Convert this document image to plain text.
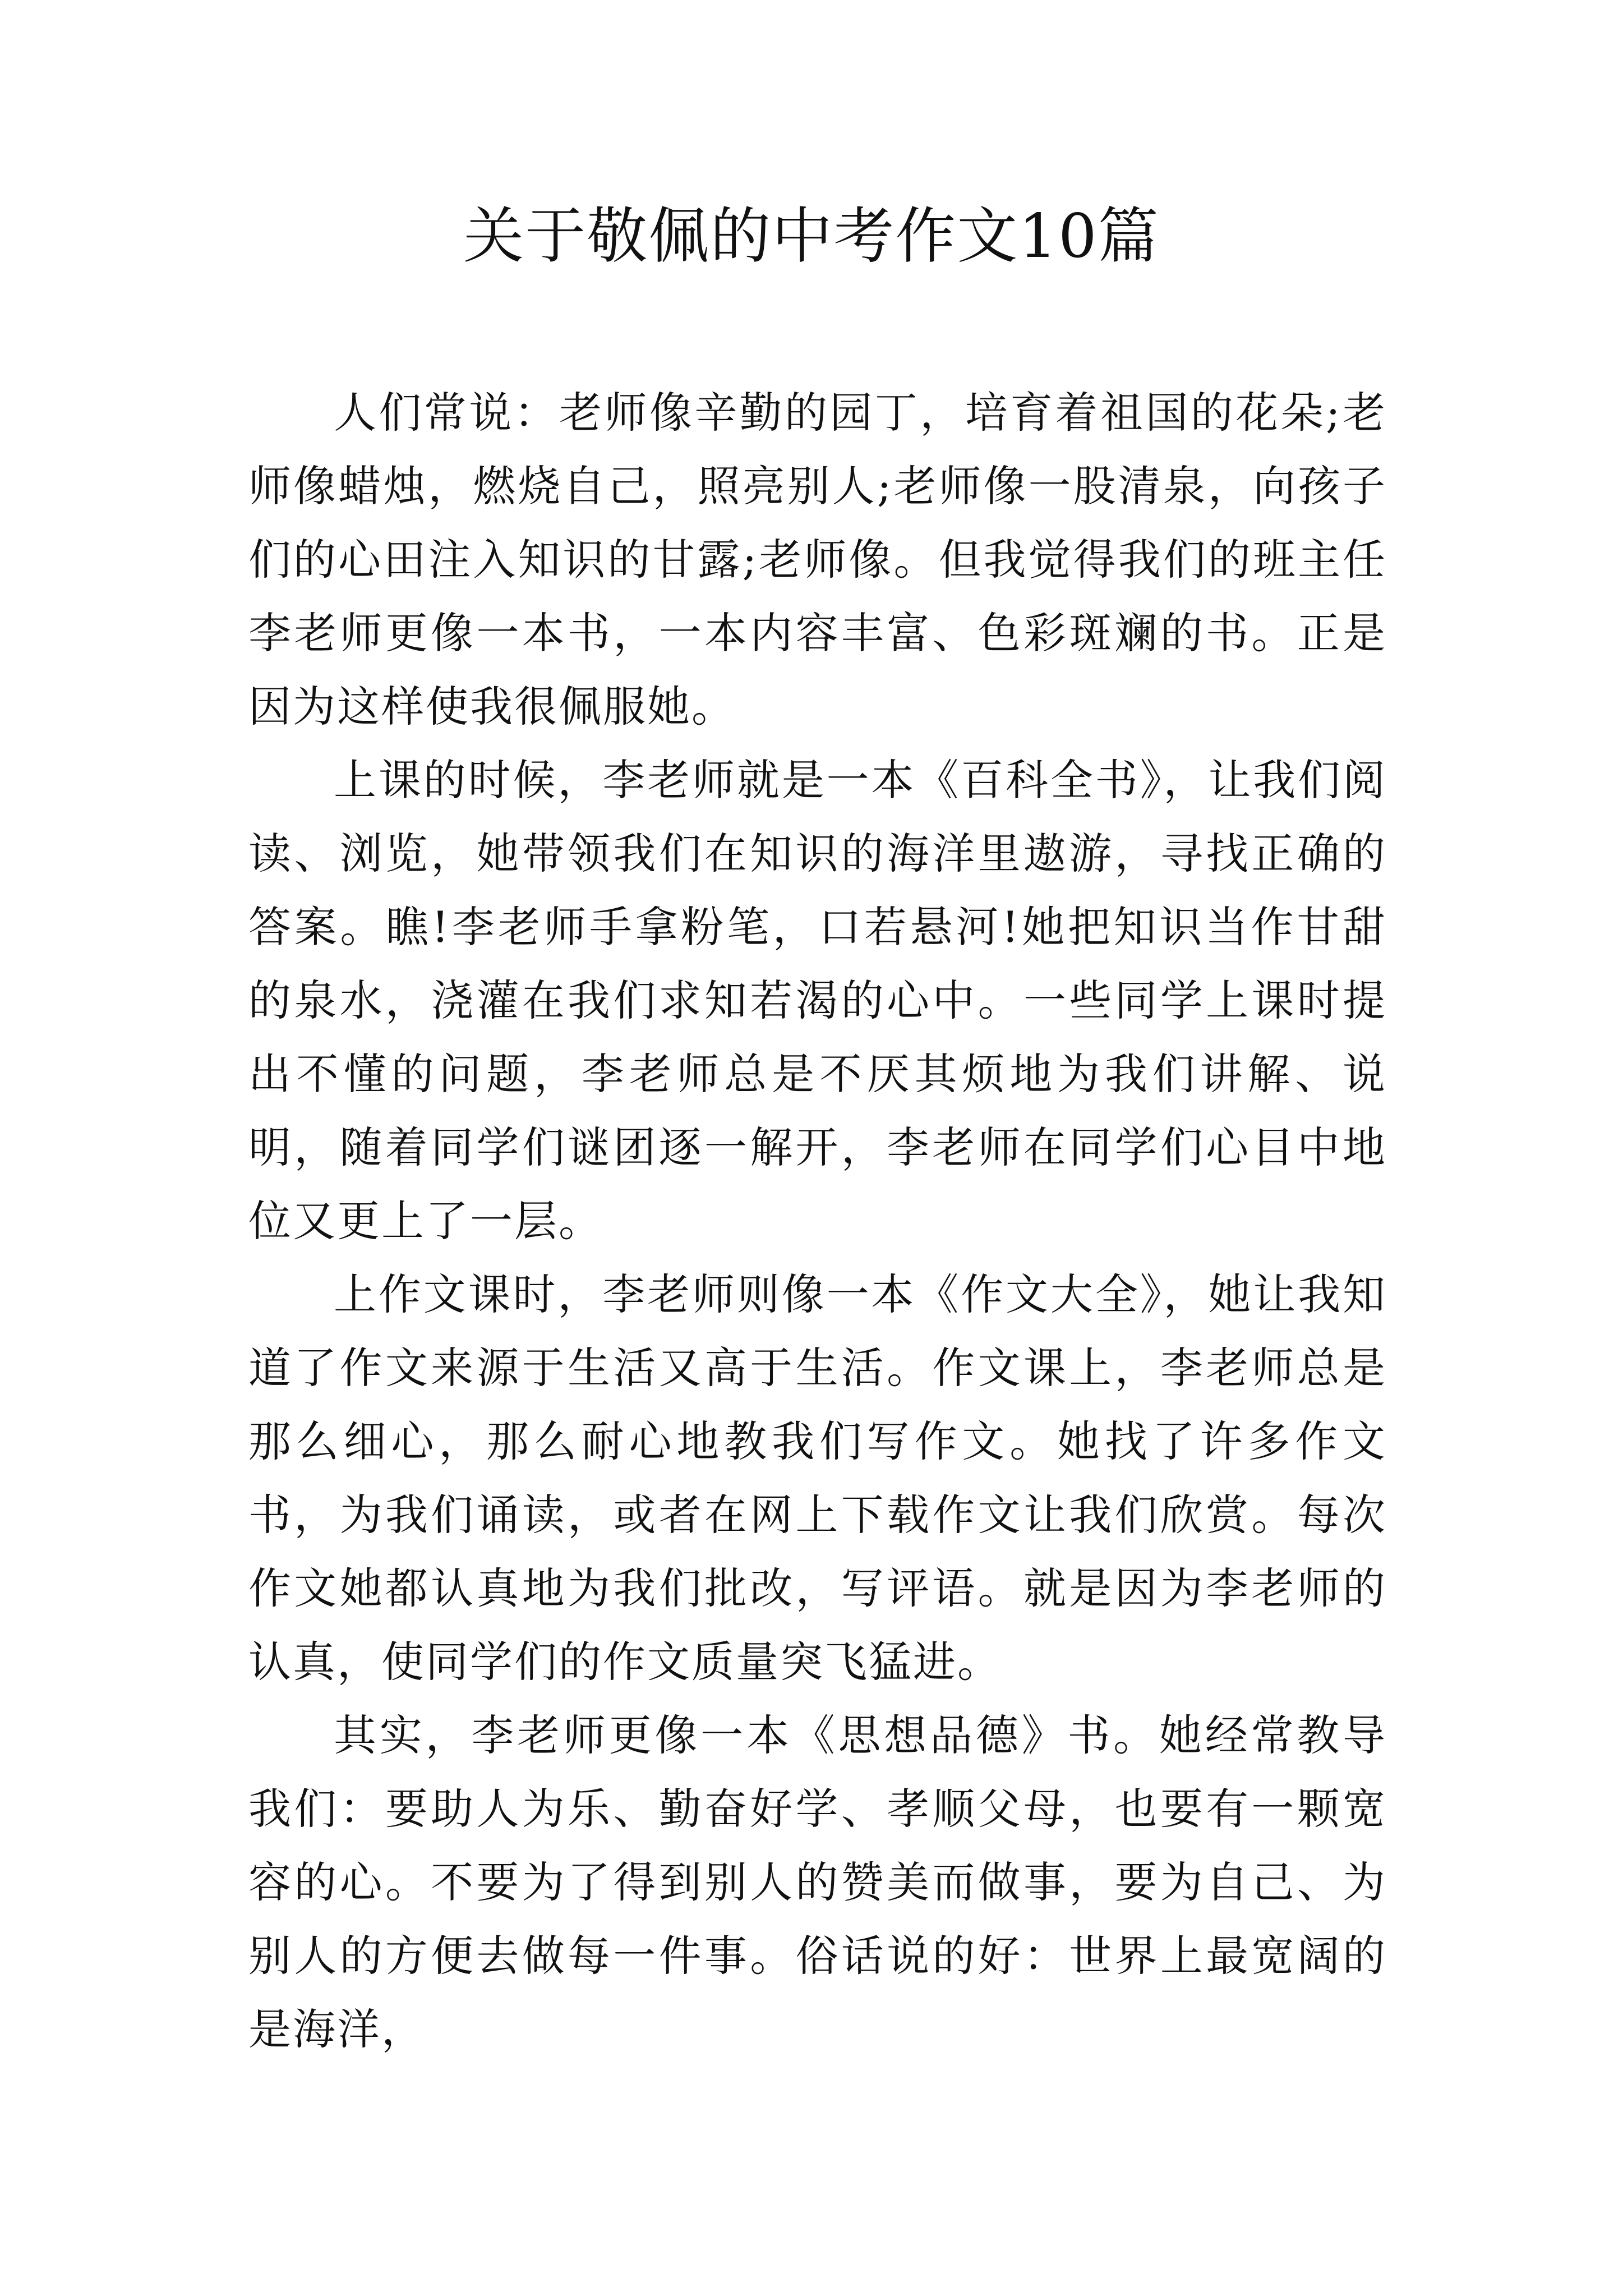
关于敬佩的中考作文10篇

人们常说：老师像辛勤的园丁，培育着祖国的花朵;老师像蜡烛，燃烧自己，照亮别人;老师像一股清泉，向孩子们的心田注入知识的甘露;老师像。但我觉得我们的班主任李老师更像一本书，一本内容丰富、色彩斑斓的书。正是因为这样使我很佩服她。

上课的时候，李老师就是一本《百科全书》，让我们阅读、浏览，她带领我们在知识的海洋里遨游，寻找正确的答案。瞧!李老师手拿粉笔，口若悬河!她把知识当作甘甜的泉水，浇灌在我们求知若渴的心中。一些同学上课时提出不懂的问题，李老师总是不厌其烦地为我们讲解、说明，随着同学们谜团逐一解开，李老师在同学们心目中地位又更上了一层。

上作文课时，李老师则像一本《作文大全》，她让我知道了作文来源于生活又高于生活。作文课上，李老师总是那么细心，那么耐心地教我们写作文。她找了许多作文书，为我们诵读，或者在网上下载作文让我们欣赏。每次作文她都认真地为我们批改，写评语。就是因为李老师的认真，使同学们的作文质量突飞猛进。

其实，李老师更像一本《思想品德》书。她经常教导我们：要助人为乐、勤奋好学、孝顺父母，也要有一颗宽容的心。不要为了得到别人的赞美而做事，要为自己、为别人的方便去做每一件事。俗话说的好：世界上最宽阔的是海洋，
